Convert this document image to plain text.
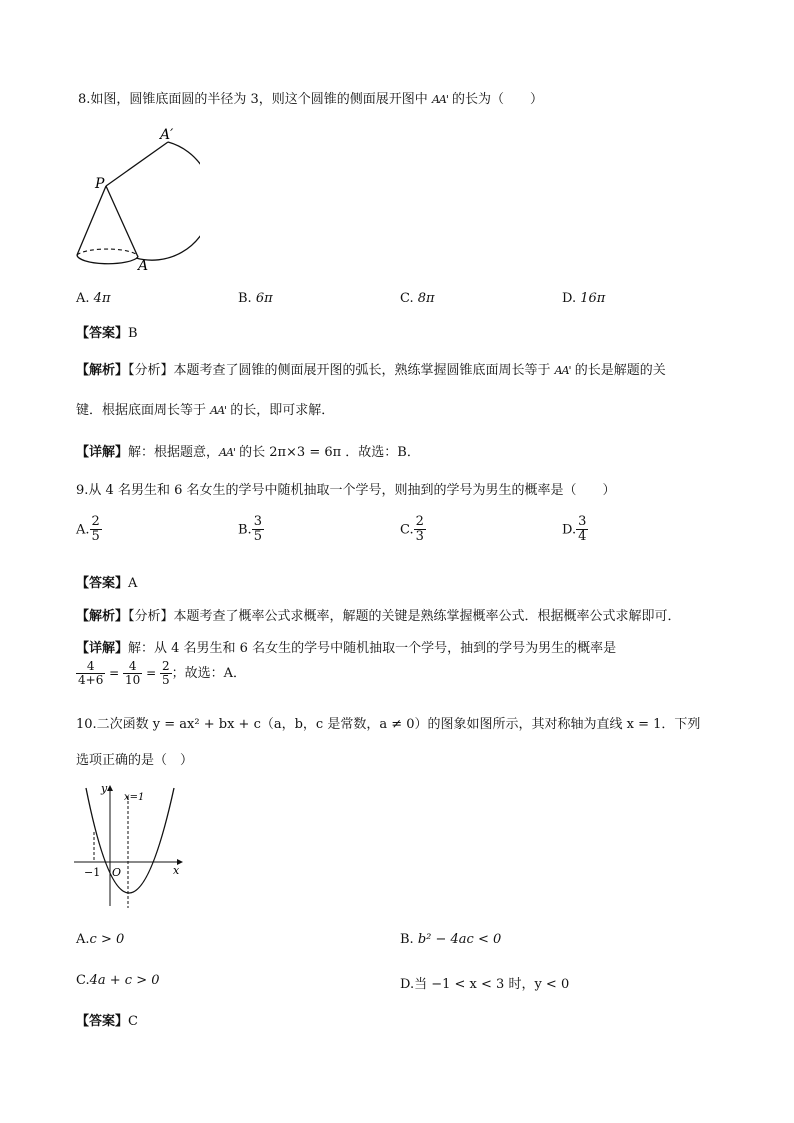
8.如图，圆锥底面圆的半径为 3，则这个圆锥的侧面展开图中 AA' 的长为（　　）
A′
P
A
A. 4π	B. 6π	C. 8π	D. 16π
【答案】B
【解析】【分析】本题考查了圆锥的侧面展开图的弧长，熟练掌握圆锥底面周长等于 AA' 的长是解题的关
键．根据底面周长等于 AA' 的长，即可求解．
【详解】解：根据题意，AA' 的长 2π×3 = 6π ．故选：B．
9.从 4 名男生和 6 名女生的学号中随机抽取一个学号，则抽到的学号为男生的概率是（　　）
A. $\frac{2}{5}$	B. $\frac{3}{5}$	C. $\frac{2}{3}$	D. $\frac{3}{4}$
【答案】A
【解析】【分析】本题考查了概率公式求概率，解题的关键是熟练掌握概率公式．根据概率公式求解即可．
【详解】解：从 4 名男生和 6 名女生的学号中随机抽取一个学号，抽到的学号为男生的概率是
$\frac{4}{4+6} = \frac{4}{10} = \frac{2}{5}$ ；故选：A．
10.二次函数 y = ax² + bx + c（a，b，c 是常数，a ≠ 0）的图象如图所示，其对称轴为直线 x = 1．下列
选项正确的是（　）
y
x=1
x
−1 O
A.c > 0	B. b² − 4ac < 0
C.4a + c > 0	D.当 −1 < x < 3 时，y < 0
【答案】C
